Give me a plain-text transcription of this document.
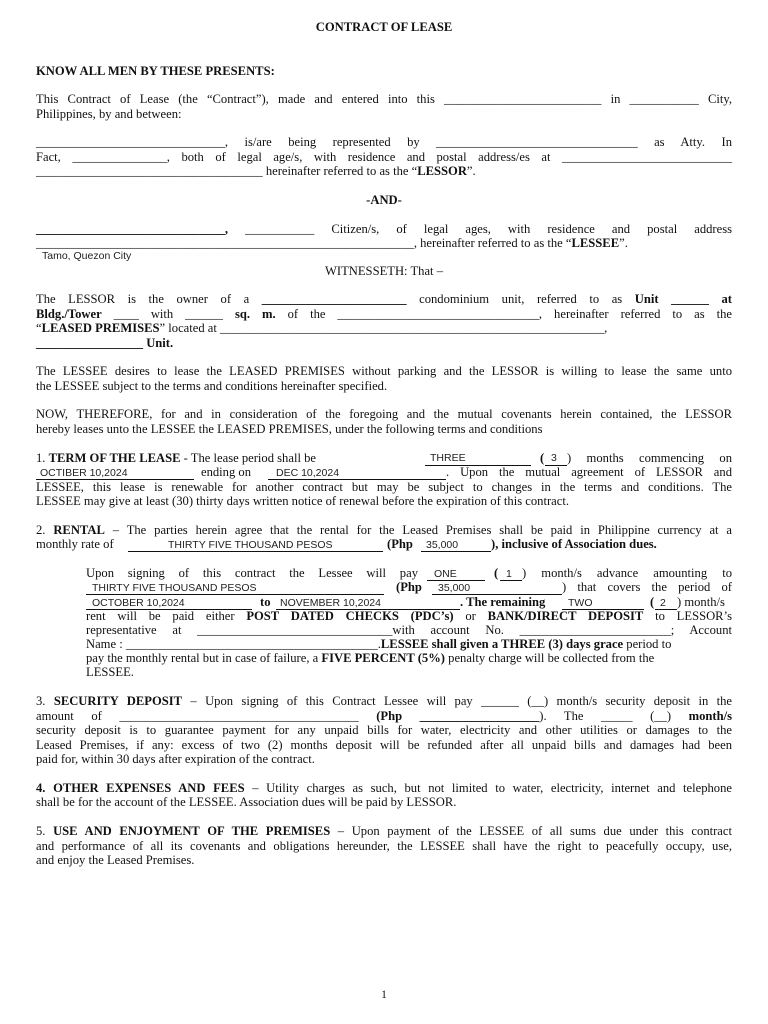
CONTRACT OF LEASE
KNOW ALL MEN BY THESE PRESENTS:
This Contract of Lease (the “Contract”), made and entered into this _________________________ in ___________ City,
Philippines, by and between:
______________________________, is/are being represented by ________________________________ as Atty. In
Fact, _______________, both of legal age/s, with residence and postal address/es at ___________________________
____________________________________ hereinafter referred to as the “LESSOR”.
-AND-
______________________________, ___________ Citizen/s, of legal ages, with residence and postal address
____________________________________________________________, hereinafter referred to as the “LESSEE”.
Tamo, Quezon City
WITNESSETH: That –
The LESSOR is the owner of a _______________________ condominium unit, referred to as Unit ______ at
Bldg./Tower ____ with ______ sq. m. of the ________________________________, hereinafter referred to as the
“LEASED PREMISES” located at _____________________________________________________________,
_________________ Unit.
The LESSEE desires to lease the LEASED PREMISES without parking and the LESSOR is willing to lease the same unto
the LESSEE subject to the terms and conditions hereinafter specified.
NOW, THEREFORE, for and in consideration of the foregoing and the mutual covenants herein contained, the LESSOR
hereby leases unto the LESSEE the LEASED PREMISES, under the following terms and conditions
1. TERM OF THE LEASE - The lease period shall be	THREE	( 3 ) months commencing on
OCTIBER 10,2024	ending on DEC 10,2024	. Upon the mutual agreement of LESSOR and
LESSEE, this lease is renewable for another contract but may be subject to changes in the terms and conditions. The
LESSEE may give at least (30) thirty days written notice of renewal before the expiration of this contract.
2. RENTAL – The parties herein agree that the rental for the Leased Premises shall be paid in Philippine currency at a
monthly rate of	THIRTY FIVE THOUSAND PESOS	(Php 35,000	), inclusive of Association dues.
Upon signing of this contract the Lessee will pay ONE	( 1 ) month/s advance amounting to
THIRTY FIVE THOUSAND PESOS	(Php 35,000	) that covers the period of
OCTOBER 10,2024	to NOVEMBER 10,2024	. The remaining TWO	( 2 ) month/s
rent will be paid either POST DATED CHECKS (PDC’s) or BANK/DIRECT DEPOSIT to LESSOR’s
representative at _______________________________with account No. ________________________; Account
Name : ________________________________________.LESSEE shall given a THREE (3) days grace period to
pay the monthly rental but in case of failure, a FIVE PERCENT (5%) penalty charge will be collected from the
LESSEE.
3. SECURITY DEPOSIT – Upon signing of this Contract Lessee will pay ______ (__) month/s security deposit in the
amount of ______________________________________ (Php ___________________). The _____ (__) month/s
security deposit is to guarantee payment for any unpaid bills for water, electricity and other utilities or damages to the
Leased Premises, if any: excess of two (2) months deposit will be refunded after all unpaid bills and damages had been
paid for, within 30 days after expiration of the contract.
4. OTHER EXPENSES AND FEES – Utility charges as such, but not limited to water, electricity, internet and telephone
shall be for the account of the LESSEE. Association dues will be paid by LESSOR.
5. USE AND ENJOYMENT OF THE PREMISES – Upon payment of the LESSEE of all sums due under this contract
and performance of all its covenants and obligations hereunder, the LESSEE shall have the right to peacefully occupy, use,
and enjoy the Leased Premises.
1
